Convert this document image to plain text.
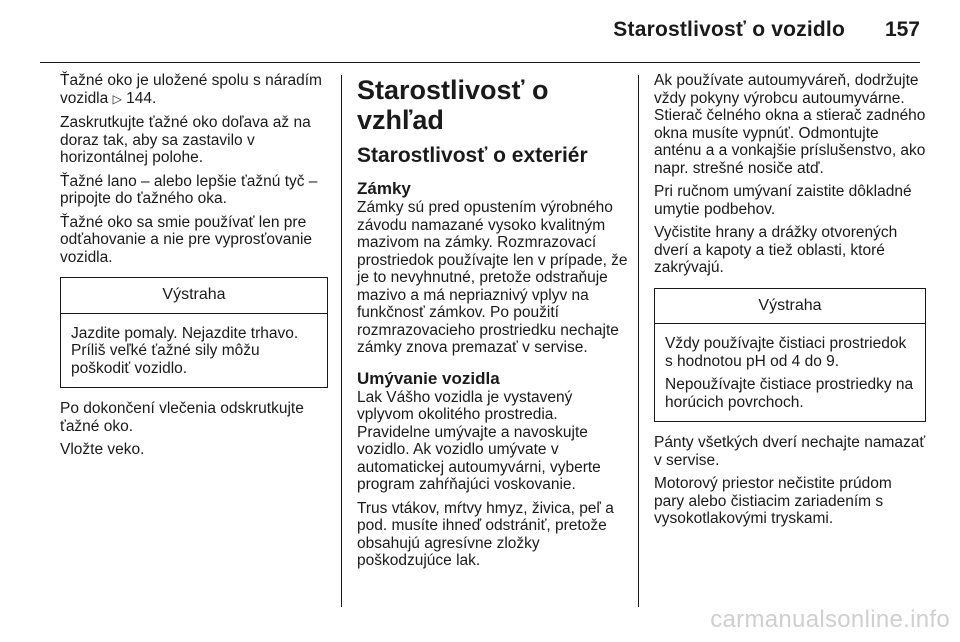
Starostlivosť o vozidlo	157

Ťažné oko je uložené spolu s náradím vozidla ▷ 144.

Zaskrutkujte ťažné oko doľava až na doraz tak, aby sa zastavilo v horizontálnej polohe.

Ťažné lano – alebo lepšie ťažnú tyč – pripojte do ťažného oka.

Ťažné oko sa smie používať len pre odťahovanie a nie pre vyprosťovanie vozidla.

Výstraha

Jazdite pomaly. Nejazdite trhavo. Príliš veľké ťažné sily môžu poškodiť vozidlo.

Po dokončení vlečenia odskrutkujte ťažné oko.

Vložte veko.

Starostlivosť o vzhľad
Starostlivosť o exteriér
Zámky

Zámky sú pred opustením výrobného závodu namazané vysoko kvalitným mazivom na zámky. Rozmrazovací prostriedok používajte len v prípade, že je to nevyhnutné, pretože odstraňuje mazivo a má nepriaznivý vplyv na funkčnosť zámkov. Po použití rozmrazovacieho prostriedku nechajte zámky znova premazať v servise.

Umývanie vozidla

Lak Vášho vozidla je vystavený vplyvom okolitého prostredia. Pravidelne umývajte a navoskujte vozidlo. Ak vozidlo umývate v automatickej autoumyvárni, vyberte program zahŕňajúci voskovanie.

Trus vtákov, mŕtvy hmyz, živica, peľ a pod. musíte ihneď odstrániť, pretože obsahujú agresívne zložky poškodzujúce lak.

Ak používate autoumyváreň, dodržujte vždy pokyny výrobcu autoumyvárne. Stierač čelného okna a stierač zadného okna musíte vypnúť. Odmontujte anténu a a vonkajšie príslušenstvo, ako napr. strešné nosiče atď.

Pri ručnom umývaní zaistite dôkladné umytie podbehov.

Vyčistite hrany a drážky otvorených dverí a kapoty a tiež oblasti, ktoré zakrývajú.

Výstraha

Vždy používajte čistiaci prostriedok s hodnotou pH od 4 do 9.

Nepoužívajte čistiace prostriedky na horúcich povrchoch.

Pánty všetkých dverí nechajte namazať v servise.

Motorový priestor nečistite prúdom pary alebo čistiacim zariadením s vysokotlakovými tryskami.

carmanualsonline.info
